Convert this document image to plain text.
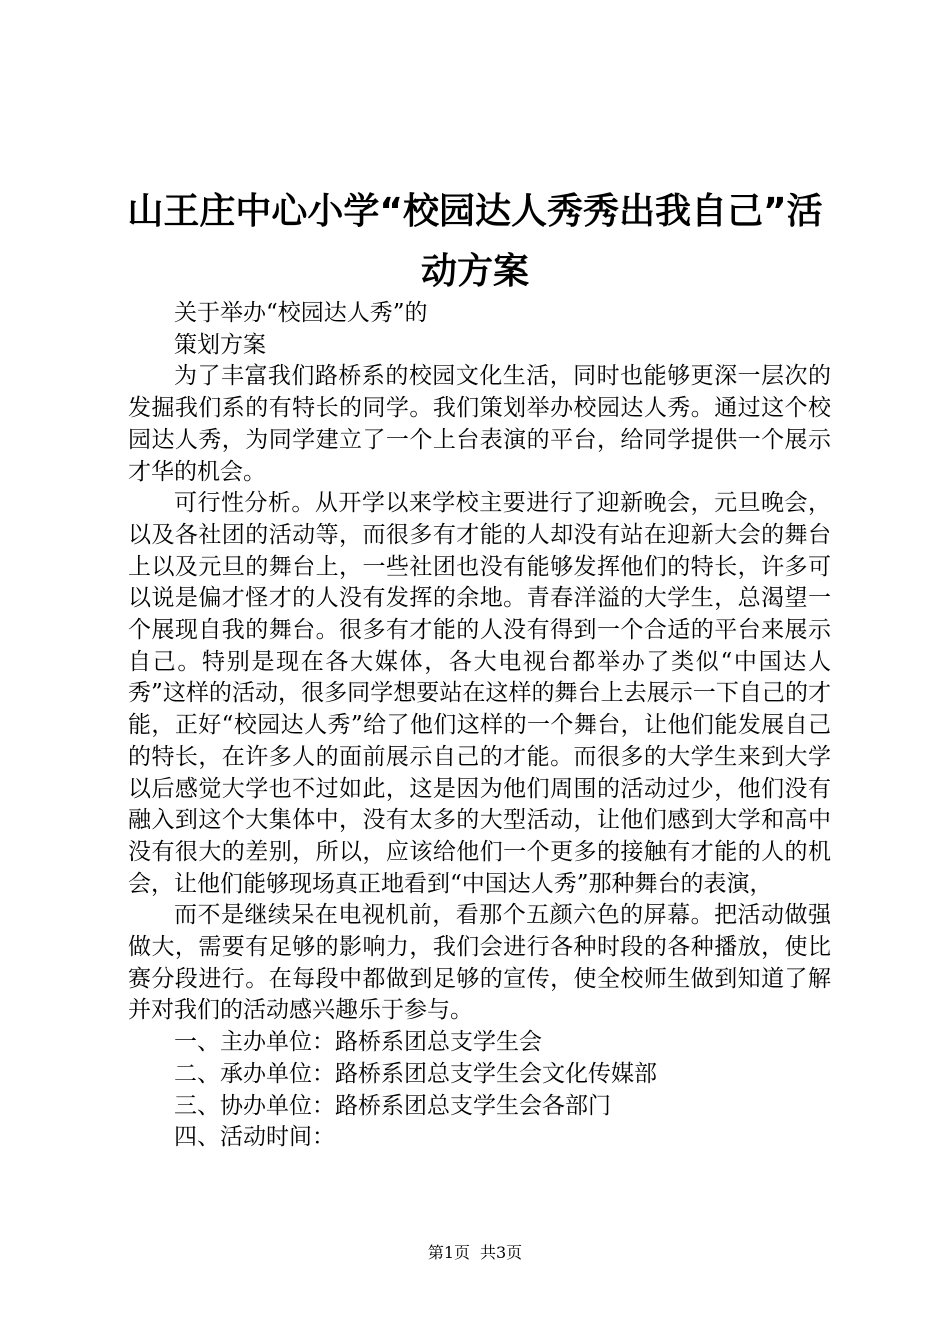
山王庄中心小学“校园达人秀秀出我自己”活动方案

关于举办“校园达人秀”的

策划方案

为了丰富我们路桥系的校园文化生活，同时也能够更深一层次的发掘我们系的有特长的同学。我们策划举办校园达人秀。通过这个校园达人秀，为同学建立了一个上台表演的平台，给同学提供一个展示才华的机会。

可行性分析。从开学以来学校主要进行了迎新晚会，元旦晚会，以及各社团的活动等，而很多有才能的人却没有站在迎新大会的舞台上以及元旦的舞台上，一些社团也没有能够发挥他们的特长，许多可以说是偏才怪才的人没有发挥的余地。青春洋溢的大学生，总渴望一个展现自我的舞台。很多有才能的人没有得到一个合适的平台来展示自己。特别是现在各大媒体，各大电视台都举办了类似“中国达人秀”这样的活动，很多同学想要站在这样的舞台上去展示一下自己的才能，正好“校园达人秀”给了他们这样的一个舞台，让他们能发展自己的特长，在许多人的面前展示自己的才能。而很多的大学生来到大学以后感觉大学也不过如此，这是因为他们周围的活动过少，他们没有融入到这个大集体中，没有太多的大型活动，让他们感到大学和高中没有很大的差别，所以，应该给他们一个更多的接触有才能的人的机会，让他们能够现场真正地看到“中国达人秀”那种舞台的表演，

而不是继续呆在电视机前，看那个五颜六色的屏幕。把活动做强做大，需要有足够的影响力，我们会进行各种时段的各种播放，使比赛分段进行。在每段中都做到足够的宣传，使全校师生做到知道了解并对我们的活动感兴趣乐于参与。

一、主办单位：路桥系团总支学生会

二、承办单位：路桥系团总支学生会文化传媒部

三、协办单位：路桥系团总支学生会各部门

四、活动时间：

第1页 共3页
